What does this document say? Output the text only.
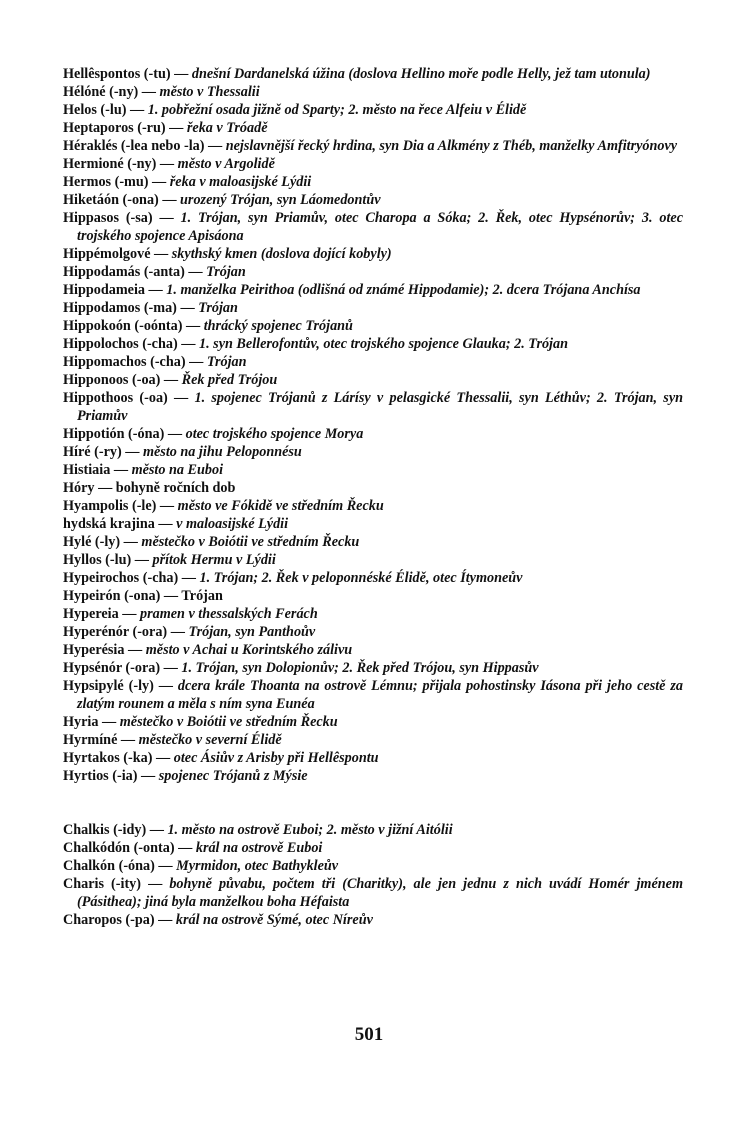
Hellêspontos (-tu) — dnešní Dardanelská úžina (doslova Hellino moře podle Helly, jež tam utonula)

Hélóné (-ny) — město v Thessalii

Helos (-lu) — 1. pobřežní osada jižně od Sparty; 2. město na řece Alfeiu v Élidě

Heptaporos (-ru) — řeka v Tróadě

Héraklés (-lea nebo -la) — nejslavnější řecký hrdina, syn Dia a Alkmény z Théb, manželky Amfitryónovy

Hermioné (-ny) — město v Argolidě

Hermos (-mu) — řeka v maloasijské Lýdii

Hiketáón (-ona) — urozený Trójan, syn Láomedontův

Hippasos (-sa) — 1. Trójan, syn Priamův, otec Charopa a Sóka; 2. Řek, otec Hypsénorův; 3. otec trojského spojence Apisáona

Hippémolgové — skythský kmen (doslova dojící kobyly)

Hippodamás (-anta) — Trójan

Hippodameia — 1. manželka Peirithoa (odlišná od známé Hippodamie); 2. dcera Trójana Anchísa

Hippodamos (-ma) — Trójan

Hippokoón (-oónta) — thrácký spojenec Trójanů

Hippolochos (-cha) — 1. syn Bellerofontův, otec trojského spojence Glauka; 2. Trójan

Hippomachos (-cha) — Trójan

Hipponoos (-oa) — Řek před Trójou

Hippothoos (-oa) — 1. spojenec Trójanů z Lárísy v pelasgické Thessalii, syn Léthův; 2. Trójan, syn Priamův

Hippotión (-óna) — otec trojského spojence Morya

Híré (-ry) — město na jihu Peloponnésu

Histiaia — město na Euboi

Hóry — bohyně ročních dob

Hyampolis (-le) — město ve Fókidě ve středním Řecku

hydská krajina — v maloasijské Lýdii

Hylé (-ly) — městečko v Boiótii ve středním Řecku

Hyllos (-lu) — přítok Hermu v Lýdii

Hypeirochos (-cha) — 1. Trójan; 2. Řek v peloponnéské Élidě, otec Ítymoneův

Hypeirón (-ona) — Trójan

Hypereia — pramen v thessalských Ferách

Hyperénór (-ora) — Trójan, syn Panthoův

Hyperésia — město v Achai u Korintského zálivu

Hypsénór (-ora) — 1. Trójan, syn Dolopionův; 2. Řek před Trójou, syn Hippasův

Hypsipylé (-ly) — dcera krále Thoanta na ostrově Lémnu; přijala pohostinsky Iásona při jeho cestě za zlatým rounem a měla s ním syna Eunéa

Hyria — městečko v Boiótii ve středním Řecku

Hyrmíné — městečko v severní Élidě

Hyrtakos (-ka) — otec Ásiův z Arisby při Hellêspontu

Hyrtios (-ia) — spojenec Trójanů z Mýsie

Chalkis (-idy) — 1. město na ostrově Euboi; 2. město v jižní Aitólii

Chalkódón (-onta) — král na ostrově Euboi

Chalkón (-óna) — Myrmidon, otec Bathykleův

Charis (-ity) — bohyně půvabu, počtem tři (Charitky), ale jen jednu z nich uvádí Homér jménem (Pásithea); jiná byla manželkou boha Héfaista

Charopos (-pa) — král na ostrově Sýmé, otec Níreův

501
